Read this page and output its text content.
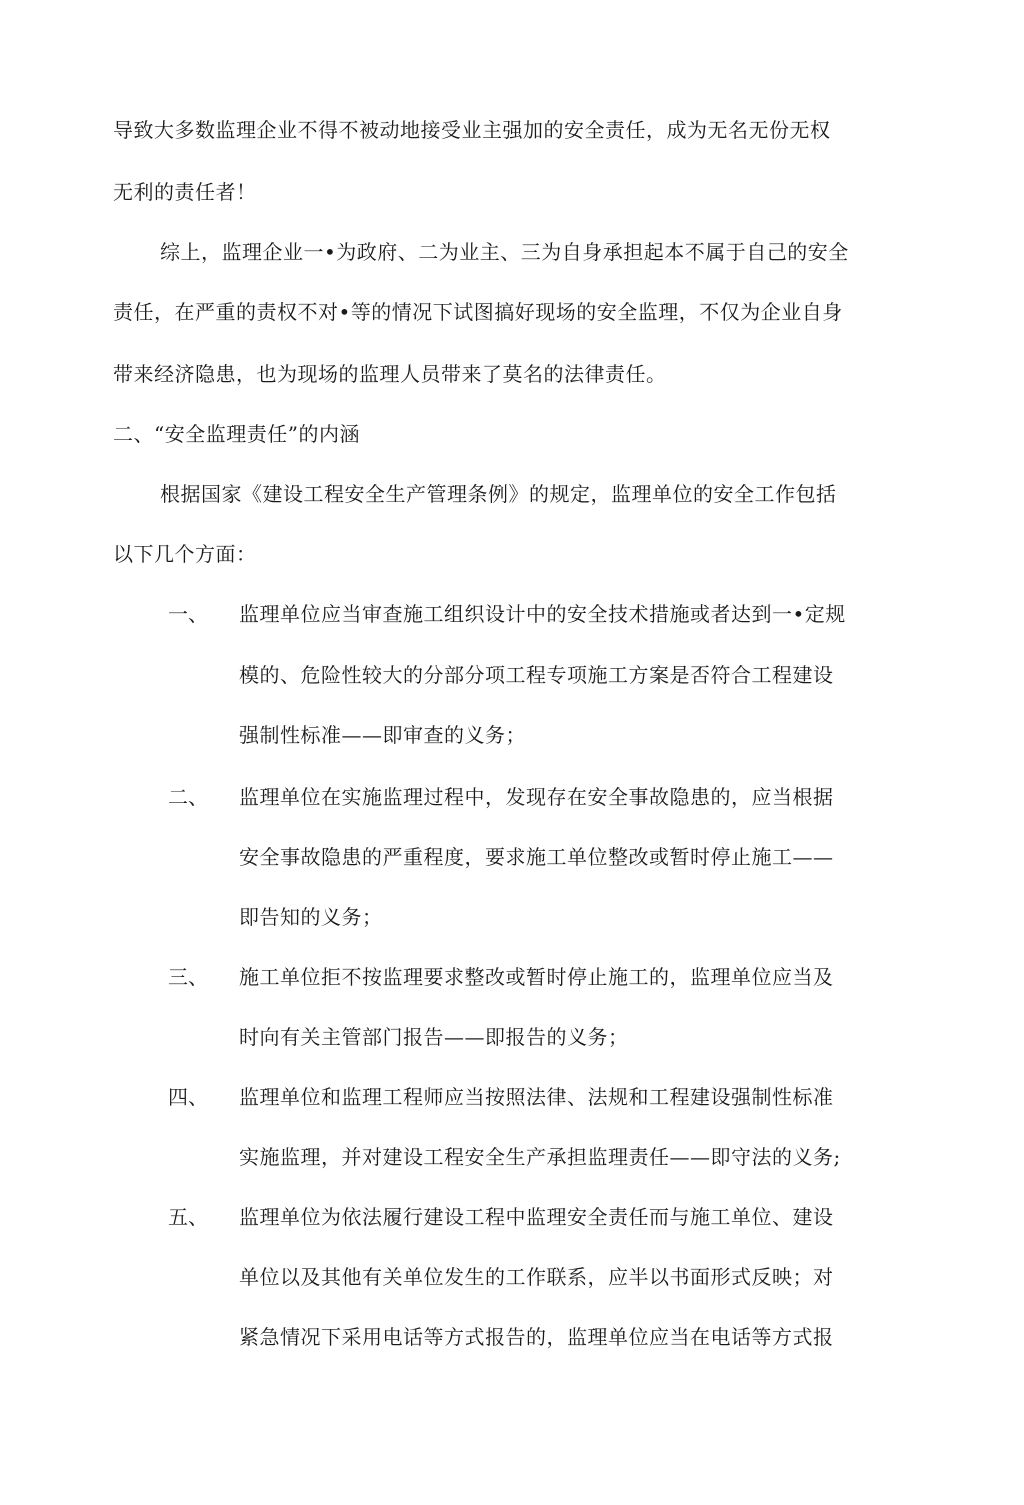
导致大多数监理企业不得不被动地接受业主强加的安全责任，成为无名无份无权
无利的责任者！
综上，监理企业一•为政府、二为业主、三为自身承担起本不属于自己的安全
责任，在严重的责权不对•等的情况下试图搞好现场的安全监理，不仅为企业自身
带来经济隐患，也为现场的监理人员带来了莫名的法律责任。
二、“安全监理责任”的内涵
根据国家《建设工程安全生产管理条例》的规定，监理单位的安全工作包括
以下几个方面：
一、 监理单位应当审查施工组织设计中的安全技术措施或者达到一•定规
模的、危险性较大的分部分项工程专项施工方案是否符合工程建设
强制性标准——即审查的义务；
二、 监理单位在实施监理过程中，发现存在安全事故隐患的，应当根据
安全事故隐患的严重程度，要求施工单位整改或暂时停止施工——
即告知的义务；
三、 施工单位拒不按监理要求整改或暂时停止施工的，监理单位应当及
时向有关主管部门报告——即报告的义务；
四、 监理单位和监理工程师应当按照法律、法规和工程建设强制性标准
实施监理，并对建设工程安全生产承担监理责任——即守法的义务;
五、 监理单位为依法履行建设工程中监理安全责任而与施工单位、建设
单位以及其他有关单位发生的工作联系，应半以书面形式反映；对
紧急情况下采用电话等方式报告的，监理单位应当在电话等方式报
